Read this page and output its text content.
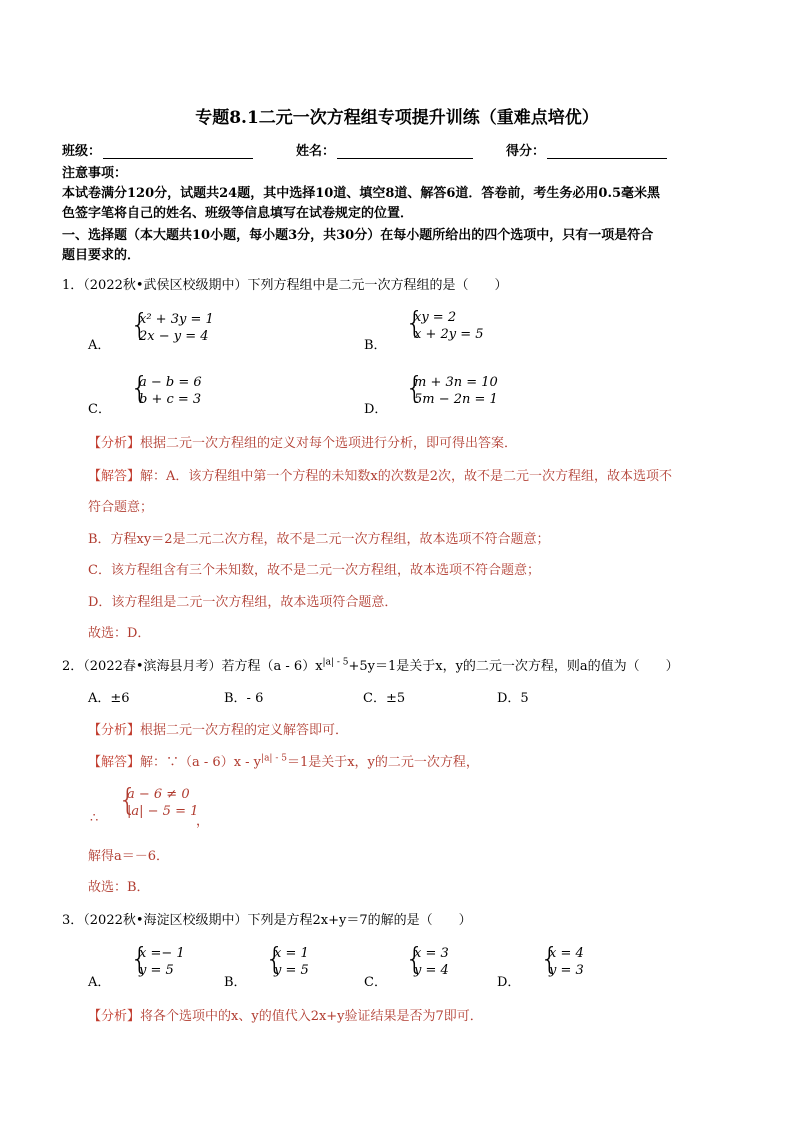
专题8.1二元一次方程组专项提升训练（重难点培优）
班级：	姓名：	得分：
注意事项：
本试卷满分120分，试题共24题，其中选择10道、填空8道、解答6道．答卷前，考生务必用0.5毫米黑
色签字笔将自己的姓名、班级等信息填写在试卷规定的位置．
一、选择题（本大题共10小题，每小题3分，共30分）在每小题所给出的四个选项中，只有一项是符合
题目要求的．
1．（2022秋•武侯区校级期中）下列方程组中是二元一次方程组的是（　　）
A．
{
x² + 3y = 1
2x − y = 4
B．
{
xy = 2
x + 2y = 5
C．
{
a − b = 6
b + c = 3
D．
{
m + 3n = 10
5m − 2n = 1
【分析】根据二元一次方程组的定义对每个选项进行分析，即可得出答案．
【解答】解：A．该方程组中第一个方程的未知数x的次数是2次，故不是二元一次方程组，故本选项不
符合题意；
B．方程xy＝2是二元二次方程，故不是二元一次方程组，故本选项不符合题意；
C．该方程组含有三个未知数，故不是二元一次方程组，故本选项不符合题意；
D．该方程组是二元一次方程组，故本选项符合题意．
故选：D．
2．（2022春•滨海县月考）若方程$(a - 6)x^{|a| - 5}+5y=1$是关于x，y的二元一次方程，则a的值为（　　）
A．±6	B．- 6	C．±5	D．5
【分析】根据二元一次方程的定义解答即可．
【解答】解：∵（a - $6)x - y^{|a| - 5}=1$是关于x，y的二元一次方程，
∴
{
a − 6 ≠ 0
|a| − 5 = 1
，
解得a＝－6．
故选：B．
3．（2022秋•海淀区校级期中）下列是方程2x+y＝7的解的是（　　）
A．
{
x =− 1
y = 5
B．
{
x = 1
y = 5
C．
{
x = 3
y = 4
D．
{
x = 4
y = 3
【分析】将各个选项中的x、y的值代入2x+y验证结果是否为7即可．
